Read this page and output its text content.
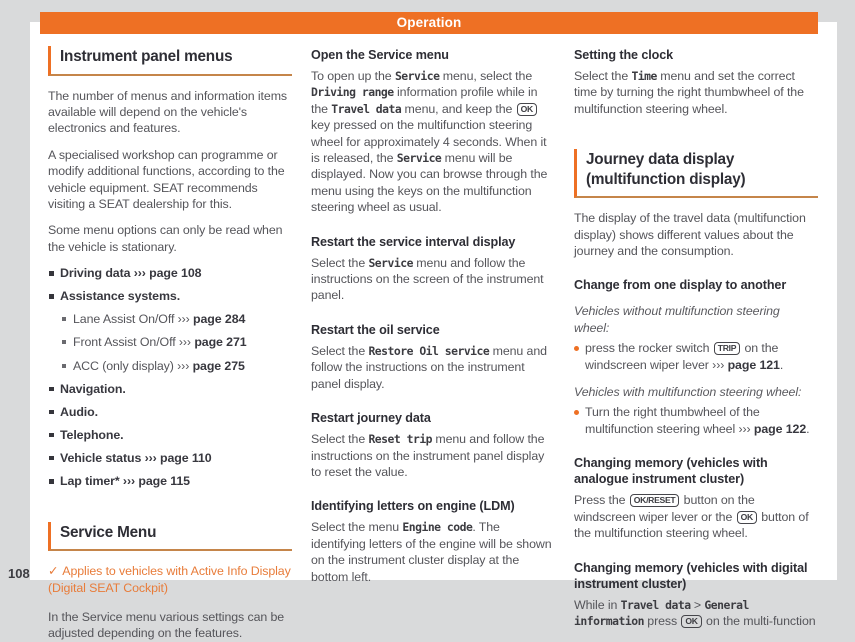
Operation
Instrument panel menus

The number of menus and information items available will depend on the vehicle's electronics and features.

A specialised workshop can programme or modify additional functions, according to the vehicle equipment. SEAT recommends visiting a SEAT dealership for this.

Some menu options can only be read when the vehicle is stationary.

Driving data ››› page 108
Assistance systems.
Lane Assist On/Off ››› page 284
Front Assist On/Off ››› page 271
ACC (only display) ››› page 275
Navigation.
Audio.
Telephone.
Vehicle status ››› page 110
Lap timer* ››› page 115
Service Menu

✓ Applies to vehicles with Active Info Display (Digital SEAT Cockpit)

In the Service menu various settings can be adjusted depending on the features.

Open the Service menu

To open up the Service menu, select the Driving range information profile while in the Travel data menu, and keep the OK key pressed on the multifunction steering wheel for approximately 4 seconds. When it is released, the Service menu will be displayed. Now you can browse through the menu using the keys on the multifunction steering wheel as usual.

Restart the service interval display

Select the Service menu and follow the instructions on the screen of the instrument panel.

Restart the oil service

Select the Restore Oil service menu and follow the instructions on the instrument panel display.

Restart journey data

Select the Reset trip menu and follow the instructions on the instrument panel display to reset the value.

Identifying letters on engine (LDM)

Select the menu Engine code. The identifying letters of the engine will be shown on the instrument cluster display at the bottom left.

Setting the clock

Select the Time menu and set the correct time by turning the right thumbwheel of the multifunction steering wheel.

Journey data display (multifunction display)

The display of the travel data (multifunction display) shows different values about the journey and the consumption.

Change from one display to another

Vehicles without multifunction steering wheel:

press the rocker switch TRIP on the windscreen wiper lever ››› page 121.

Vehicles with multifunction steering wheel:

Turn the right thumbwheel of the multifunction steering wheel ››› page 122.

Changing memory (vehicles with analogue instrument cluster)

Press the OK/RESET button on the windscreen wiper lever or the OK button of the multifunction steering wheel.

Changing memory (vehicles with digital instrument cluster)

While in Travel data > General information press OK on the multi-function

108
